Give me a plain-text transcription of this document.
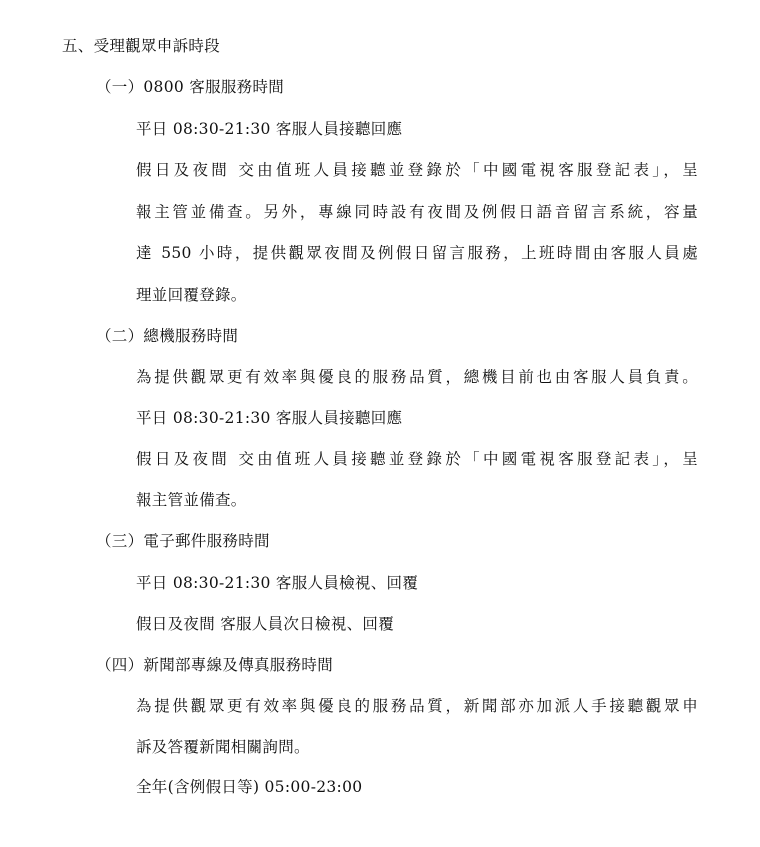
五、受理觀眾申訴時段
（一）0800 客服服務時間
平日 08:30-21:30 客服人員接聽回應
假日及夜間 交由值班人員接聽並登錄於「中國電視客服登記表」，呈
報主管並備查。另外，專線同時設有夜間及例假日語音留言系統，容量
達 550 小時，提供觀眾夜間及例假日留言服務，上班時間由客服人員處
理並回覆登錄。
（二）總機服務時間
為提供觀眾更有效率與優良的服務品質，總機目前也由客服人員負責。
平日 08:30-21:30 客服人員接聽回應
假日及夜間 交由值班人員接聽並登錄於「中國電視客服登記表」，呈
報主管並備查。
（三）電子郵件服務時間
平日 08:30-21:30 客服人員檢視、回覆
假日及夜間 客服人員次日檢視、回覆
（四）新聞部專線及傳真服務時間
為提供觀眾更有效率與優良的服務品質，新聞部亦加派人手接聽觀眾申
訴及答覆新聞相關詢問。
全年(含例假日等) 05:00-23:00
